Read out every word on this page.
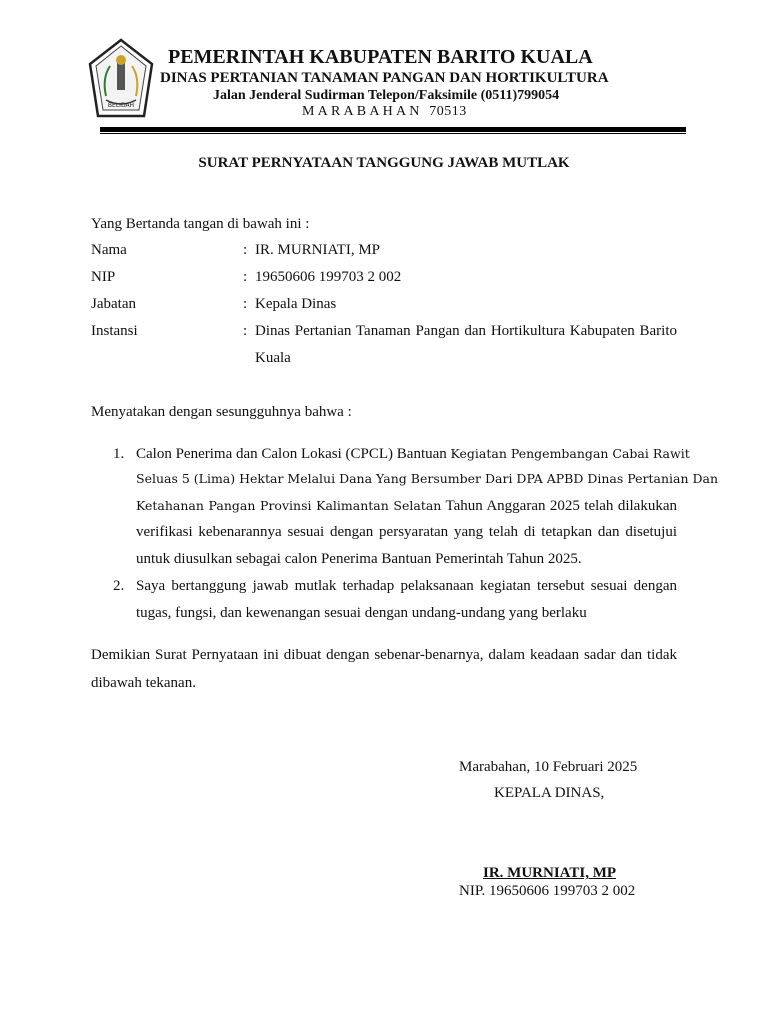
BELIDAH
PEMERINTAH KABUPATEN BARITO KUALA
DINAS PERTANIAN TANAMAN PANGAN DAN HORTIKULTURA
Jalan Jenderal Sudirman Telepon/Faksimile (0511)799054
MARABAHAN 70513
SURAT PERNYATAAN TANGGUNG JAWAB MUTLAK
Yang Bertanda tangan di bawah ini :
Nama	: IR. MURNIATI, MP
NIP	: 19650606 199703 2 002
Jabatan	: Kepala Dinas
Instansi	: Dinas Pertanian Tanaman Pangan dan Hortikultura Kabupaten Barito
Kuala
Menyatakan dengan sesungguhnya bahwa :
1. Calon Penerima dan Calon Lokasi (CPCL) Bantuan Kegiatan Pengembangan Cabai Rawit
Seluas 5 (Lima) Hektar Melalui Dana Yang Bersumber Dari DPA APBD Dinas Pertanian Dan
Ketahanan Pangan Provinsi Kalimantan Selatan Tahun Anggaran 2025 telah dilakukan
verifikasi kebenarannya sesuai dengan persyaratan yang telah di tetapkan dan disetujui
untuk diusulkan sebagai calon Penerima Bantuan Pemerintah Tahun 2025.
2. Saya bertanggung jawab mutlak terhadap pelaksanaan kegiatan tersebut sesuai dengan
tugas, fungsi, dan kewenangan sesuai dengan undang-undang yang berlaku
Demikian Surat Pernyataan ini dibuat dengan sebenar-benarnya, dalam keadaan sadar dan tidak
dibawah tekanan.
Marabahan, 10 Februari 2025
KEPALA DINAS,
IR. MURNIATI, MP
NIP. 19650606 199703 2 002
